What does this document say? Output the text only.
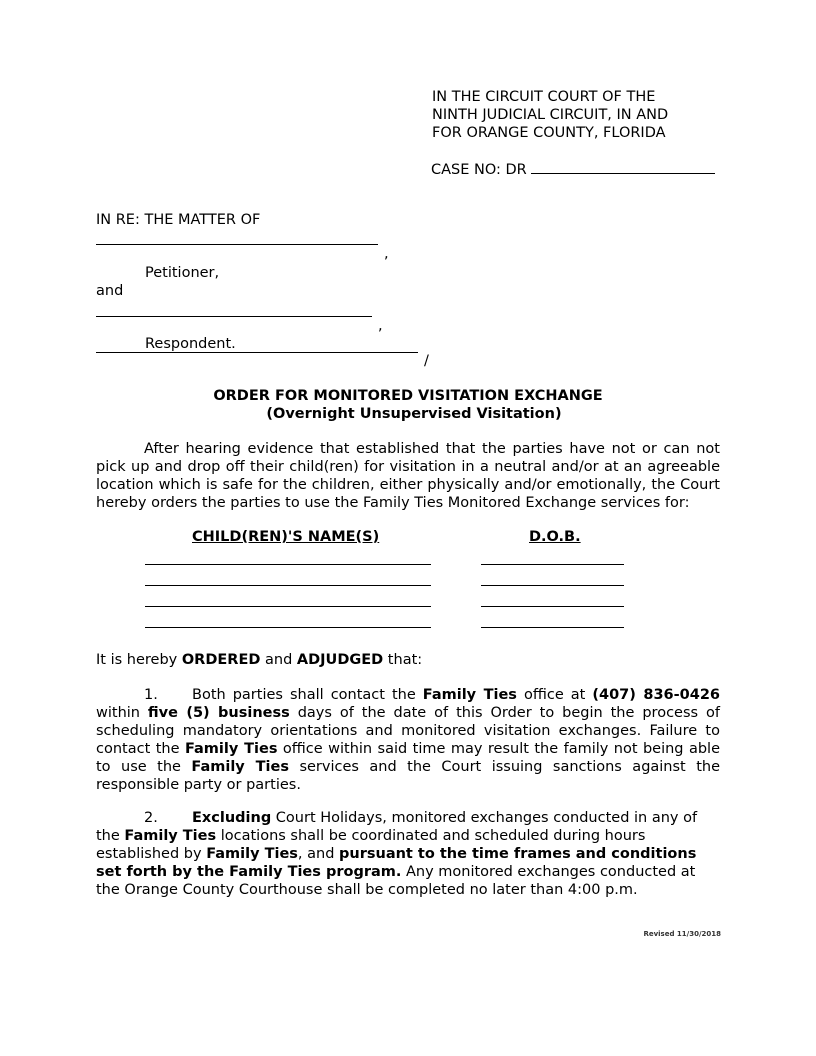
IN THE CIRCUIT COURT OF THE
NINTH JUDICIAL CIRCUIT, IN AND
FOR ORANGE COUNTY, FLORIDA
CASE NO: DR
IN RE: THE MATTER OF
,
Petitioner,
and
,
Respondent.
/
ORDER FOR MONITORED VISITATION EXCHANGE
(Overnight Unsupervised Visitation)

After hearing evidence that established that the parties have not or can not pick up and drop off their child(ren) for visitation in a neutral and/or at an agreeable location which is safe for the children, either physically and/or emotionally, the Court hereby orders the parties to use the Family Ties Monitored Exchange services for:

CHILD(REN)'S NAME(S)	D.O.B.
It is hereby ORDERED and ADJUDGED that:

1. Both parties shall contact the Family Ties office at (407) 836-0426 within five (5) business days of the date of this Order to begin the process of scheduling mandatory orientations and monitored visitation exchanges. Failure to contact the Family Ties office within said time may result the family not being able to use the Family Ties services and the Court issuing sanctions against the responsible party or parties.

2. Excluding Court Holidays, monitored exchanges conducted in any of the Family Ties locations shall be coordinated and scheduled during hours established by Family Ties, and pursuant to the time frames and conditions set forth by the Family Ties program. Any monitored exchanges conducted at the Orange County Courthouse shall be completed no later than 4:00 p.m.

Revised 11/30/2018
